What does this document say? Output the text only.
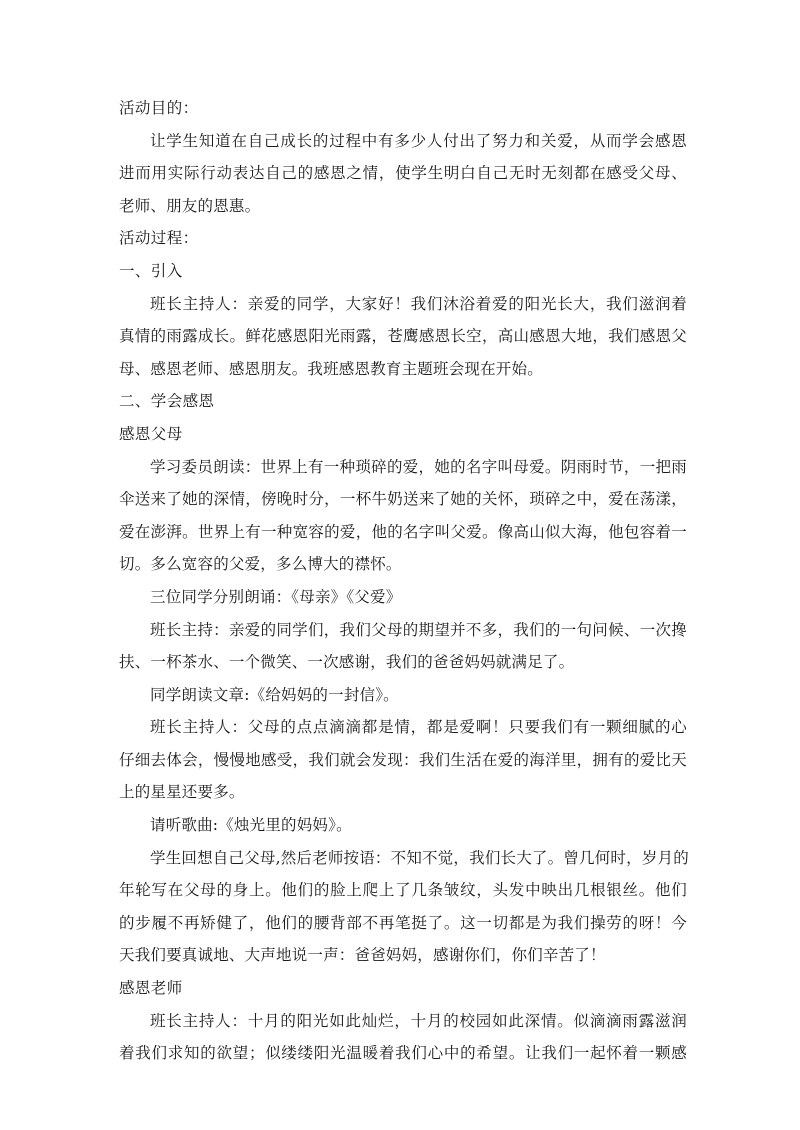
活动目的：
让学生知道在自己成长的过程中有多少人付出了努力和关爱，从而学会感恩
进而用实际行动表达自己的感恩之情，使学生明白自己无时无刻都在感受父母、
老师、朋友的恩惠。
活动过程：
一、引入
班长主持人：亲爱的同学，大家好！我们沐浴着爱的阳光长大，我们滋润着
真情的雨露成长。鲜花感恩阳光雨露，苍鹰感恩长空，高山感恩大地，我们感恩父
母、感恩老师、感恩朋友。我班感恩教育主题班会现在开始。
二、学会感恩
感恩父母
学习委员朗读：世界上有一种琐碎的爱，她的名字叫母爱。阴雨时节，一把雨
伞送来了她的深情，傍晚时分，一杯牛奶送来了她的关怀，琐碎之中，爱在荡漾，
爱在澎湃。世界上有一种宽容的爱，他的名字叫父爱。像高山似大海，他包容着一
切。多么宽容的父爱，多么博大的襟怀。
三位同学分别朗诵：《母亲》《父爱》
班长主持：亲爱的同学们，我们父母的期望并不多，我们的一句问候、一次搀
扶、一杯茶水、一个微笑、一次感谢，我们的爸爸妈妈就满足了。
同学朗读文章:《给妈妈的一封信》。
班长主持人：父母的点点滴滴都是情，都是爱啊！只要我们有一颗细腻的心
仔细去体会，慢慢地感受，我们就会发现：我们生活在爱的海洋里，拥有的爱比天
上的星星还要多。
请听歌曲:《烛光里的妈妈》。
学生回想自己父母,然后老师按语：不知不觉，我们长大了。曾几何时，岁月的
年轮写在父母的身上。他们的脸上爬上了几条皱纹，头发中映出几根银丝。他们
的步履不再矫健了，他们的腰背部不再笔挺了。这一切都是为我们操劳的呀！今
天我们要真诚地、大声地说一声：爸爸妈妈，感谢你们，你们辛苦了！
感恩老师
班长主持人：十月的阳光如此灿烂，十月的校园如此深情。似滴滴雨露滋润
着我们求知的欲望；似缕缕阳光温暖着我们心中的希望。让我们一起怀着一颗感
